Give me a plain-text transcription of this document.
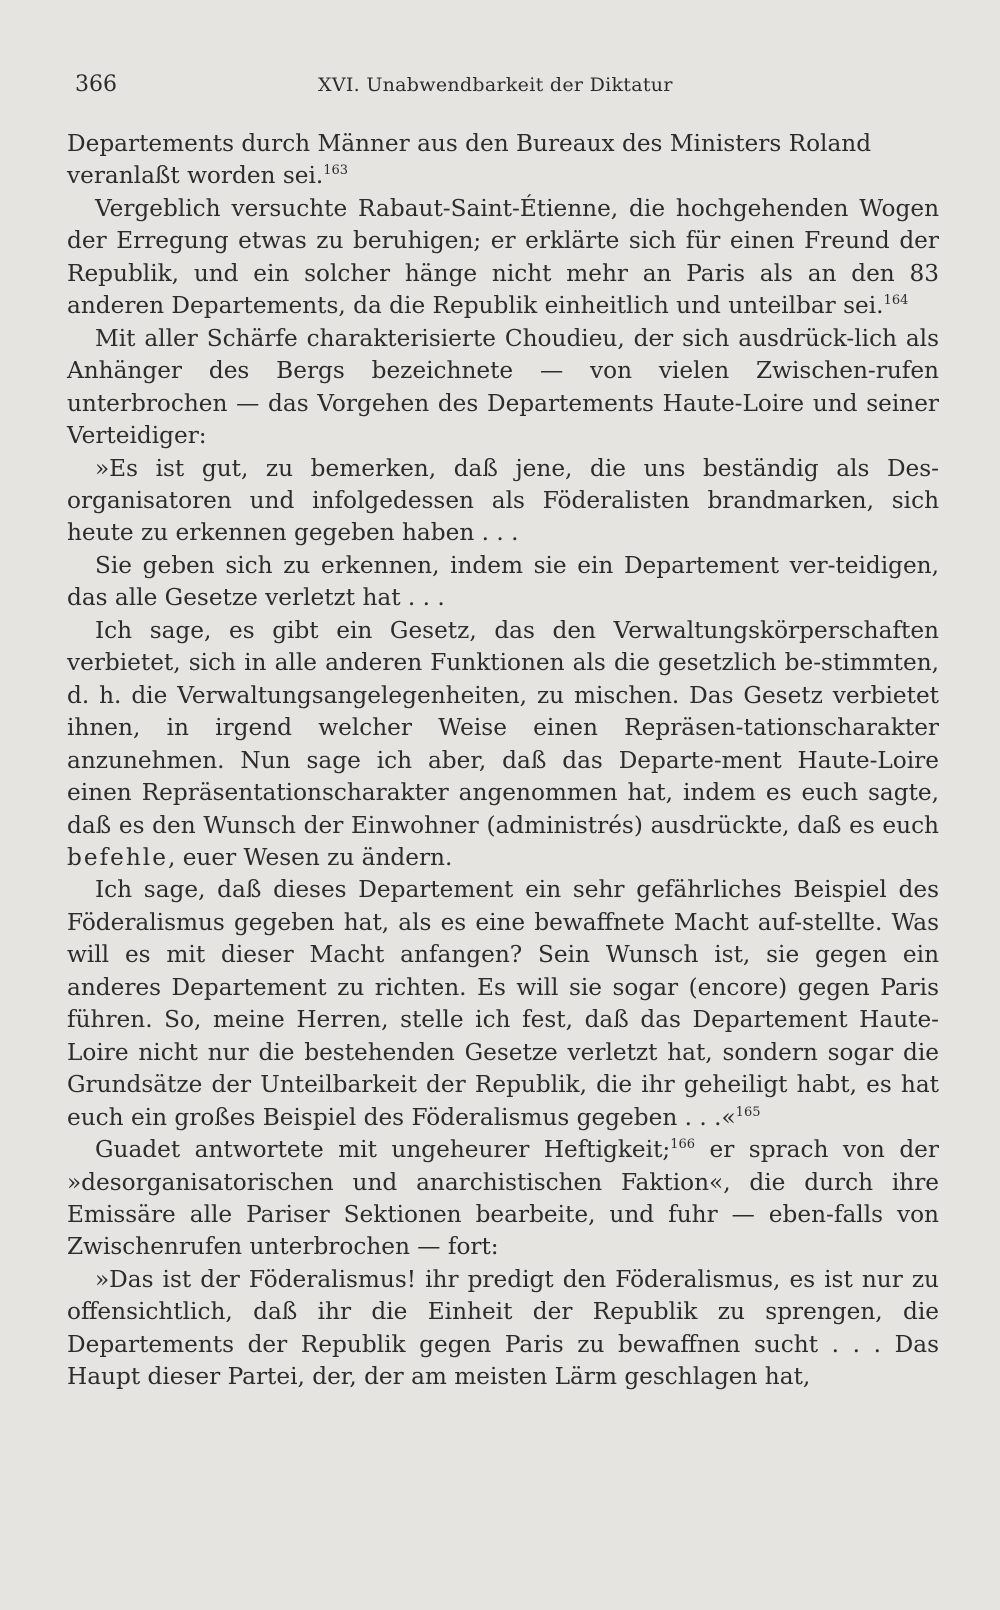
366	XVI. Unabwendbarkeit der Diktatur

Departements durch Männer aus den Bureaux des Ministers Roland
veranlaßt worden sei.$^{163}$

Vergeblich versuchte Rabaut-Saint-Étienne, die hochgehenden Wogen der Erregung etwas zu beruhigen; er erklärte sich für einen Freund der Republik, und ein solcher hänge nicht mehr an Paris als an den 83 anderen Departements, da die Republik einheitlich und unteilbar sei.$^{164}$

Mit aller Schärfe charakterisierte Choudieu, der sich ausdrück-lich als Anhänger des Bergs bezeichnete — von vielen Zwischen-rufen unterbrochen — das Vorgehen des Departements Haute-Loire und seiner Verteidiger:

»Es ist gut, zu bemerken, daß jene, die uns beständig als Des-organisatoren und infolgedessen als Föderalisten brandmarken, sich heute zu erkennen gegeben haben . . .

Sie geben sich zu erkennen, indem sie ein Departement ver-teidigen, das alle Gesetze verletzt hat . . .

Ich sage, es gibt ein Gesetz, das den Verwaltungskörperschaften verbietet, sich in alle anderen Funktionen als die gesetzlich be-stimmten, d. h. die Verwaltungsangelegenheiten, zu mischen. Das Gesetz verbietet ihnen, in irgend welcher Weise einen Repräsen-tationscharakter anzunehmen. Nun sage ich aber, daß das Departe-ment Haute-Loire einen Repräsentationscharakter angenommen hat, indem es euch sagte, daß es den Wunsch der Einwohner (administrés) ausdrückte, daß es euch befehle, euer Wesen zu ändern.

Ich sage, daß dieses Departement ein sehr gefährliches Beispiel des Föderalismus gegeben hat, als es eine bewaffnete Macht auf-stellte. Was will es mit dieser Macht anfangen? Sein Wunsch ist, sie gegen ein anderes Departement zu richten. Es will sie sogar (encore) gegen Paris führen. So, meine Herren, stelle ich fest, daß das Departement Haute-Loire nicht nur die bestehenden Gesetze verletzt hat, sondern sogar die Grundsätze der Unteilbarkeit der Republik, die ihr geheiligt habt, es hat euch ein großes Beispiel des Föderalismus gegeben . . .«$^{165}$

Guadet antwortete mit ungeheurer Heftigkeit;$^{166}$ er sprach von der »desorganisatorischen und anarchistischen Faktion«, die durch ihre Emissäre alle Pariser Sektionen bearbeite, und fuhr — eben-falls von Zwischenrufen unterbrochen — fort:

»Das ist der Föderalismus! ihr predigt den Föderalismus, es ist nur zu offensichtlich, daß ihr die Einheit der Republik zu sprengen, die Departements der Republik gegen Paris zu bewaffnen sucht . . . Das Haupt dieser Partei, der, der am meisten Lärm geschlagen hat,
